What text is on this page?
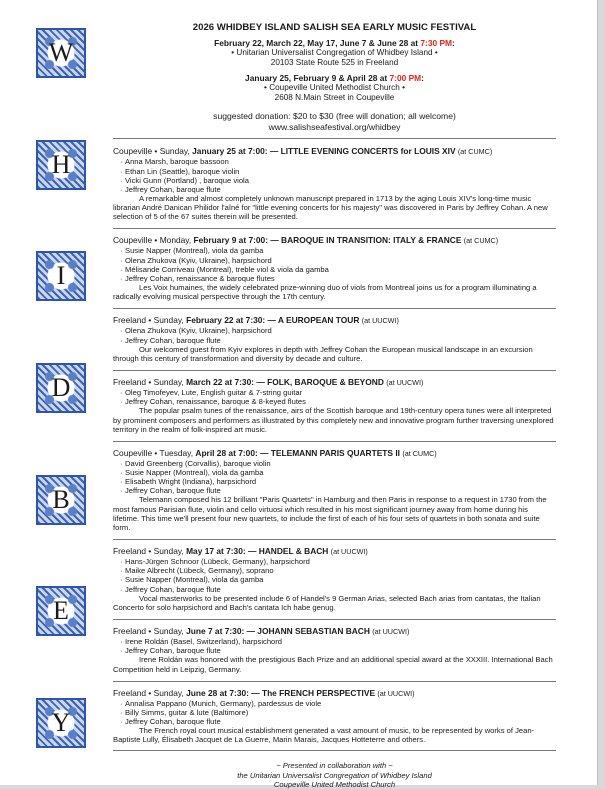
W
H
I
D
B
E
Y
2026 WHIDBEY ISLAND SALISH SEA EARLY MUSIC FESTIVAL
February 22, March 22, May 17, June 7 & June 28 at 7:30 PM:
• Unitarian Universalist Congregation of Whidbey Island •
20103 State Route 525 in Freeland
January 25, February 9 & April 28 at 7:00 PM:
• Coupeville United Methodist Church •
2608 N.Main Street in Coupeville
suggested donation: $20 to $30 (free will donation; all welcome)
www.salishseafestival.org/whidbey
Coupeville • Sunday, January 25 at 7:00: — LITTLE EVENING CONCERTS for LOUIS XIV (at CUMC)
· Anna Marsh, baroque bassoon
· Ethan Lin (Seattle), baroque violin
· Vicki Gunn (Portland) , baroque viola
· Jeffrey Cohan, baroque flute
A remarkable and almost completely unknown manuscript prepared in 1713 by the aging Louis XIV's long-time music librarian André Danican Philidor l'aîné for "little evening concerts for his majesty" was discovered in Paris by Jeffrey Cohan. A new selection of 5 of the 67 suites therein will be presented.
Coupeville • Monday, February 9 at 7:00: — BAROQUE IN TRANSITION: ITALY & FRANCE (at CUMC)
· Susie Napper (Montreal), viola da gamba
· Olena Zhukova (Kyiv, Ukraine), harpsichord
· Mélisande Corriveau (Montreal), treble viol & viola da gamba
· Jeffrey Cohan, renaissance & baroque flutes
Les Voix humaines, the widely celebrated prize-winning duo of viols from Montreal joins us for a program illuminating a radically evolving musical perspective through the 17th century.
Freeland • Sunday, February 22 at 7:30: — A EUROPEAN TOUR (at UUCWI)
· Olena Zhukova (Kyiv, Ukraine), harpsichord
· Jeffrey Cohan, baroque flute
Our welcomed guest from Kyiv explores in depth with Jeffrey Cohan the European musical landscape in an excursion through this century of transformation and diversity by decade and culture.
Freeland • Sunday, March 22 at 7:30: — FOLK, BAROQUE & BEYOND (at UUCWI)
· Oleg Timofeyev, Lute, English guitar & 7-string guitar
· Jeffrey Cohan, renaissance, baroque & 8-keyed flutes
The popular psalm tunes of the renaissance, airs of the Scottish baroque and 19th-century opera tunes were all interpreted by prominent composers and performers as illustrated by this completely new and innovative program further traversing unexplored territory in the realm of folk-inspired art music.
Coupeville • Tuesday, April 28 at 7:00: — TELEMANN PARIS QUARTETS II (at CUMC)
· David Greenberg (Corvallis), baroque violin
· Susie Napper (Montreal), viola da gamba
· Elisabeth Wright (Indiana), harpsichord
· Jeffrey Cohan, baroque flute
Telemann composed his 12 brilliant "Paris Quartets" in Hamburg and then Paris in response to a request in 1730 from the most famous Parisian flute, violin and cello virtuosi which resulted in his most significant journey away from home during his lifetime. This time we'll present four new quartets, to include the first of each of his four sets of quartets in both sonata and suite form.
Freeland • Sunday, May 17 at 7:30: — HANDEL & BACH (at UUCWI)
· Hans-Jürgen Schnoor (Lübeck, Germany), harpsichord
· Maike Albrecht (Lübeck, Germany), soprano
· Susie Napper (Montreal), viola da gamba
· Jeffrey Cohan, baroque flute
Vocal masterworks to be presented include 6 of Handel's 9 German Arias, selected Bach arias from cantatas, the Italian Concerto for solo harpsichord and Bach's cantata Ich habe genug.
Freeland • Sunday, June 7 at 7:30: — JOHANN SEBASTIAN BACH (at UUCWI)
· Irene Roldán (Basel, Switzerland), harpsichord
· Jeffrey Cohan, baroque flute
Irene Roldán was honored with the prestigious Bach Prize and an additional special award at the XXXIII. International Bach Competition held in Leipzig, Germany.
Freeland • Sunday, June 28 at 7:30: — The FRENCH PERSPECTIVE (at UUCWI)
· Annalisa Pappano (Munich, Germany), pardessus de viole
· Billy Simms, guitar & lute (Baltimore)
· Jeffrey Cohan, baroque flute
The French royal court musical establishment generated a vast amount of music, to be represented by works of Jean-Baptiste Lully, Élisabeth Jacquet de La Guerre, Marin Marais, Jacques Hotteterre and others.
~ Presented in collaboration with ~
the Unitarian Universalist Congregation of Whidbey Island
Coupeville United Methodist Church
